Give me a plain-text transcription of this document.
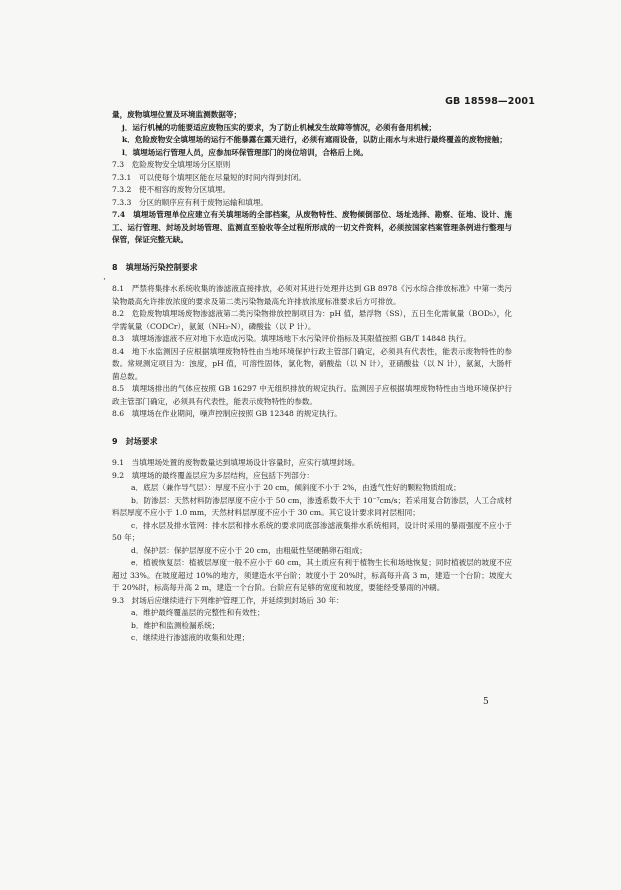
GB 18598—2001
·

量，废物填埋位置及环境监测数据等；

j．运行机械的功能要适应废物压实的要求，为了防止机械发生故障等情况，必须有备用机械；

k．危险废物安全填埋场的运行不能暴露在露天进行，必须有遮雨设备，以防止雨水与未进行最终覆盖的废物接触；

l．填埋场运行管理人员，应参加环保管理部门的岗位培训，合格后上岗。

7.3　危险废物安全填埋场分区原则

7.3.1　可以使每个填埋区能在尽量短的时间内得到封闭。

7.3.2　使不相容的废物分区填埋。

7.3.3　分区的顺序应有利于废物运输和填埋。

7.4　填埋场管理单位应建立有关填埋场的全部档案，从废物特性、废物倾倒部位、场址选择、勘察、征地、设计、施工、运行管理、封场及封场管理、监测直至验收等全过程所形成的一切文件资料，必须按国家档案管理条例进行整理与保管，保证完整无缺。

8　填埋场污染控制要求

8.1　严禁将集排水系统收集的渗滤液直接排放，必须对其进行处理并达到 GB 8978《污水综合排放标准》中第一类污染物最高允许排放浓度的要求及第二类污染物最高允许排放浓度标准要求后方可排放。

8.2　危险废物填埋场废物渗滤液第二类污染物排放控制项目为：pH 值，悬浮物（SS），五日生化需氧量（BOD₅），化学需氧量（CODCr），氨氮（NH₃-N），磷酸盐（以 P 计）。

8.3　填埋场渗滤液不应对地下水造成污染。填埋场地下水污染评价指标及其限值按照 GB/T 14848 执行。

8.4　地下水监测因子应根据填埋废物特性由当地环境保护行政主管部门确定，必须具有代表性，能表示废物特性的参数。常规测定项目为：浊度，pH 值，可溶性固体，氯化物，硝酸盐（以 N 计），亚硝酸盐（以 N 计），氨氮，大肠杆菌总数。

8.5　填埋场排出的气体应按照 GB 16297 中无组织排放的规定执行。监测因子应根据填埋废物特性由当地环境保护行政主管部门确定，必须具有代表性，能表示废物特性的参数。

8.6　填埋场在作业期间，噪声控制应按照 GB 12348 的规定执行。

9　封场要求

9.1　当填埋场处置的废物数量达到填埋场设计容量时，应实行填埋封场。

9.2　填埋场的最终覆盖层应为多层结构，应包括下列部分：

a．底层（兼作导气层）：厚度不应小于 20 cm，倾斜度不小于 2%，由透气性好的颗粒物质组成；

b．防渗层：天然材料防渗层厚度不应小于 50 cm，渗透系数不大于 10⁻⁷cm/s；若采用复合防渗层，人工合成材料层厚度不应小于 1.0 mm，天然材料层厚度不应小于 30 cm。其它设计要求同衬层相同；

c．排水层及排水管网：排水层和排水系统的要求同底部渗滤液集排水系统相同，设计时采用的暴雨强度不应小于 50 年；

d．保护层：保护层厚度不应小于 20 cm，由粗砥性坚硬鹅卵石组成；

e．植被恢复层：植被层厚度一般不应小于 60 cm，其土质应有利于植物生长和场地恢复；同时植被层的坡度不应超过 33%。在坡度超过 10%的地方，须建造水平台阶；坡度小于 20%时，标高每升高 3 m，建造一个台阶；坡度大于 20%时，标高每升高 2 m，建造一个台阶。台阶应有足够的宽度和坡度，要能经受暴雨的冲刷。

9.3　封场后应继续进行下列维护管理工作，并延续到封场后 30 年：

a．维护最终覆盖层的完整性和有效性；

b．维护和监测检漏系统；

c．继续进行渗滤液的收集和处理；

5
